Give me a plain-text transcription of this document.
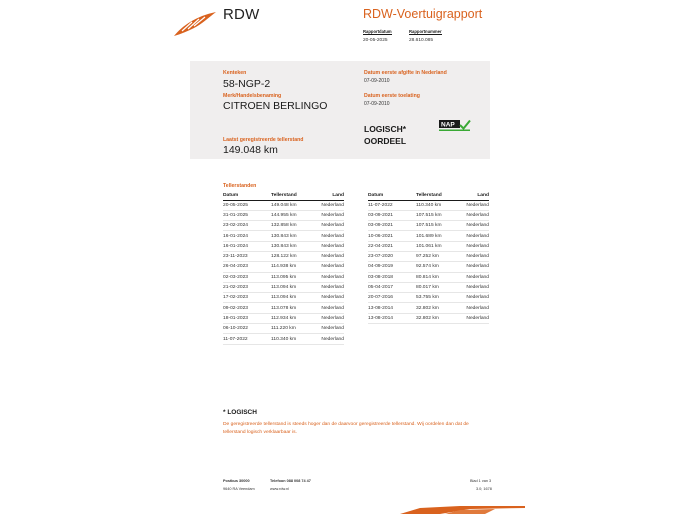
RDW	RDW-Voertuigrapport
Rapportdatum
20-05-2025
Rapportnummer
28.610.085
Kenteken
58-NGP-2
Merk/Handelsbenaming
CITROEN BERLINGO
Laatst geregistreerde tellerstand
149.048 km
Datum eerste afgifte in Nederland
07-09-2010
Datum eerste toelating
07-09-2010
LOGISCH*
OORDEEL
NAP
Tellerstanden
Datum	Tellerstand	Land
20-05-2025	149.048 km	Nederland
31-01-2025	144.955 km	Nederland
23-02-2024	132.858 km	Nederland
16-01-2024	130.843 km	Nederland
16-01-2024	130.843 km	Nederland
23-11-2023	128.122 km	Nederland
26-04-2023	114.938 km	Nederland
02-03-2023	113.095 km	Nederland
21-02-2023	113.094 km	Nederland
17-02-2023	113.094 km	Nederland
09-02-2023	113.078 km	Nederland
18-01-2023	112.934 km	Nederland
06-10-2022	111.220 km	Nederland
11-07-2022	110.340 km	Nederland
Datum	Tellerstand	Land
11-07-2022	110.340 km	Nederland
03-09-2021	107.515 km	Nederland
03-09-2021	107.515 km	Nederland
10-06-2021	101.689 km	Nederland
22-04-2021	101.061 km	Nederland
23-07-2020	97.252 km	Nederland
04-09-2019	92.574 km	Nederland
03-08-2018	80.814 km	Nederland
05-04-2017	80.017 km	Nederland
20-07-2016	53.755 km	Nederland
13-08-2014	32.802 km	Nederland
13-08-2014	32.802 km	Nederland
* LOGISCH
De geregistreerde tellerstand is steeds hoger dan de daarvoor geregistreerde tellerstand. Wij oordelen dan dat de tellerstand logisch verklaarbaar is.
Postbus 30000
9640 RA Veendam
Telefoon 088 008 74 47
www.rdw.nl
Blad 1 van 3
3.0; 1678
